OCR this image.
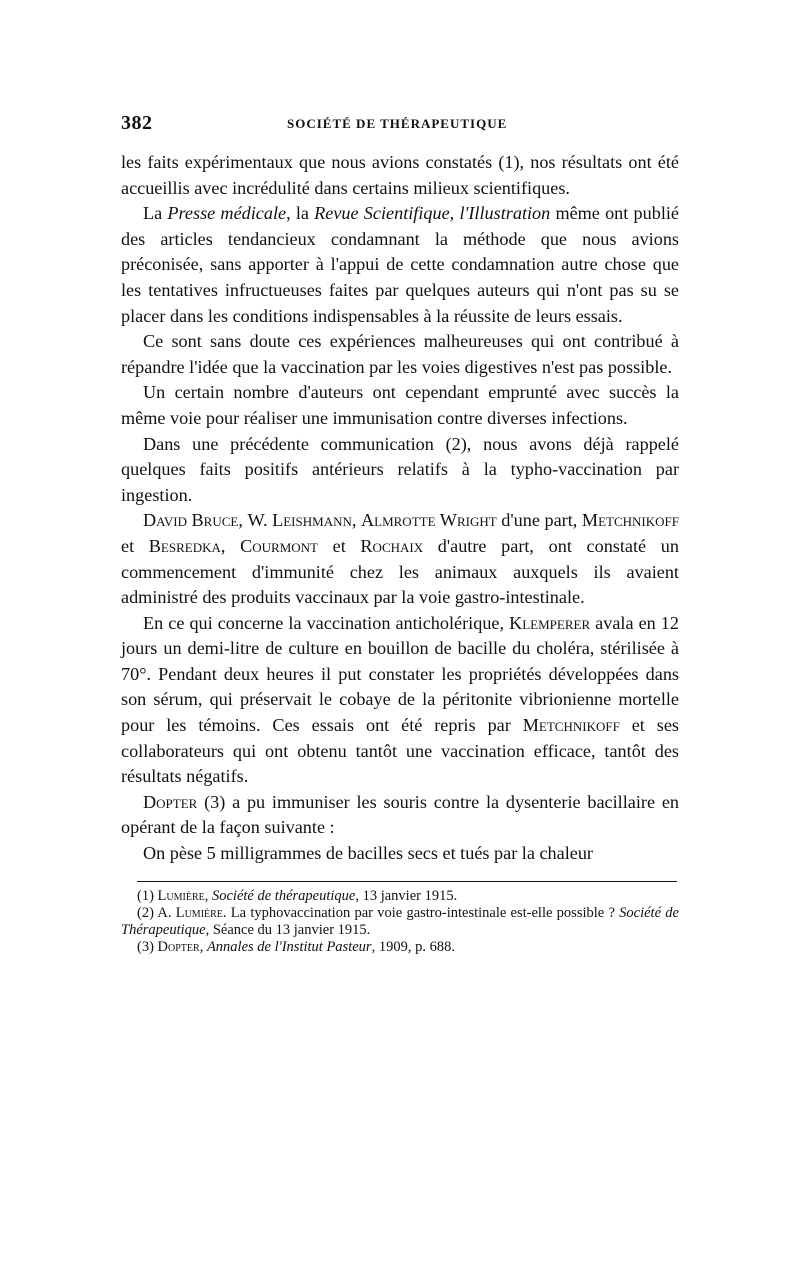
382	SOCIÉTÉ DE THÉRAPEUTIQUE

les faits expérimentaux que nous avions constatés (1), nos résultats ont été accueillis avec incrédulité dans certains milieux scientifiques.

La Presse médicale, la Revue Scientifique, l'Illustration même ont publié des articles tendancieux condamnant la méthode que nous avions préconisée, sans apporter à l'appui de cette condamnation autre chose que les tentatives infructueuses faites par quelques auteurs qui n'ont pas su se placer dans les conditions indispensables à la réussite de leurs essais.

Ce sont sans doute ces expériences malheureuses qui ont contribué à répandre l'idée que la vaccination par les voies digestives n'est pas possible.

Un certain nombre d'auteurs ont cependant emprunté avec succès la même voie pour réaliser une immunisation contre diverses infections.

Dans une précédente communication (2), nous avons déjà rappelé quelques faits positifs antérieurs relatifs à la typho-vaccination par ingestion.

David Bruce, W. Leishmann, Almrotte Wright d'une part, Metchnikoff et Besredka, Courmont et Rochaix d'autre part, ont constaté un commencement d'immunité chez les animaux auxquels ils avaient administré des produits vaccinaux par la voie gastro-intestinale.

En ce qui concerne la vaccination anticholérique, Klemperer avala en 12 jours un demi-litre de culture en bouillon de bacille du choléra, stérilisée à 70°. Pendant deux heures il put constater les propriétés développées dans son sérum, qui préservait le cobaye de la péritonite vibrionienne mortelle pour les témoins. Ces essais ont été repris par Metchnikoff et ses collaborateurs qui ont obtenu tantôt une vaccination efficace, tantôt des résultats négatifs.

Dopter (3) a pu immuniser les souris contre la dysenterie bacillaire en opérant de la façon suivante :

On pèse 5 milligrammes de bacilles secs et tués par la chaleur

(1) Lumière, Société de thérapeutique, 13 janvier 1915.

(2) A. Lumière. La typhovaccination par voie gastro-intestinale est-elle possible ? Société de Thérapeutique, Séance du 13 janvier 1915.

(3) Dopter, Annales de l'Institut Pasteur, 1909, p. 688.
